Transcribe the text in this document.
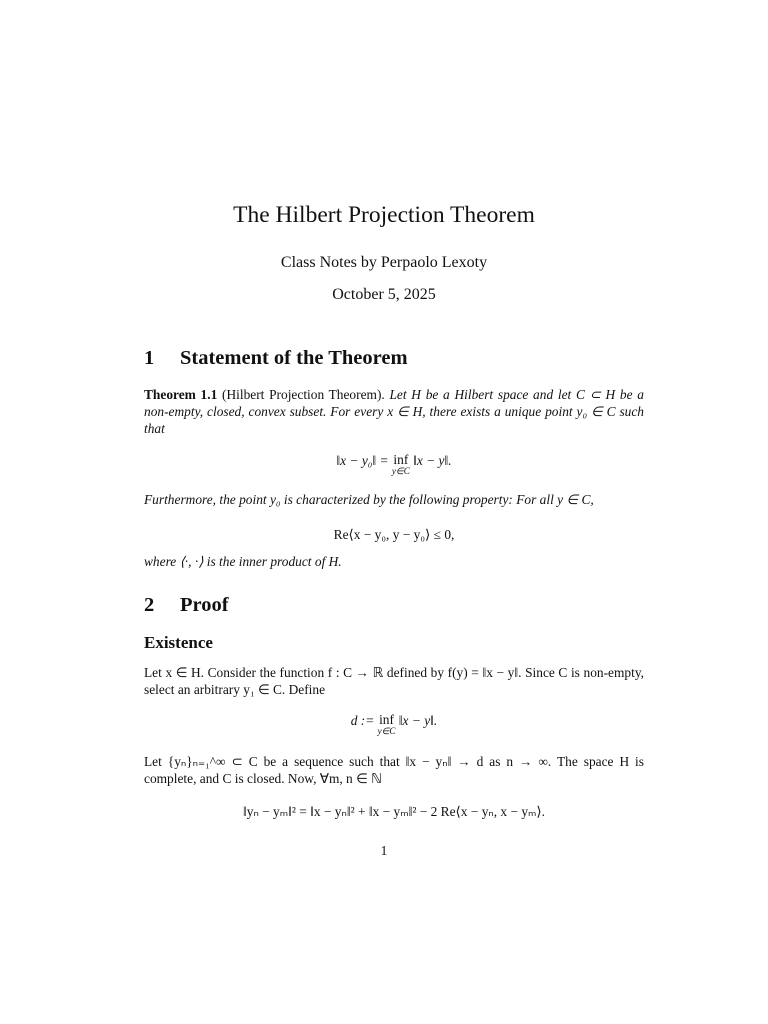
The Hilbert Projection Theorem
Class Notes by Perpaolo Lexoty
October 5, 2025
1 Statement of the Theorem
Theorem 1.1 (Hilbert Projection Theorem). Let H be a Hilbert space and let C ⊂ H be a non-empty, closed, convex subset. For every x ∈ H, there exists a unique point y₀ ∈ C such that
‖x − y₀‖ = inf
y∈C
‖x − y‖.
Furthermore, the point y₀ is characterized by the following property: For all y ∈ C,
Re⟨x − y₀, y − y₀⟩ ≤ 0,
where ⟨·, ·⟩ is the inner product of H.
2 Proof
Existence
Let x ∈ H. Consider the function f : C → ℝ defined by f(y) = ‖x − y‖. Since C is non-empty, select an arbitrary y₁ ∈ C. Define
d := inf
y∈C
‖x − y‖.
Let {yₙ}ₙ₌₁^∞ ⊂ C be a sequence such that ‖x − yₙ‖ → d as n → ∞. The space H is complete, and C is closed. Now, ∀m, n ∈ ℕ
‖yₙ − yₘ‖² = ‖x − yₙ‖² + ‖x − yₘ‖² − 2 Re⟨x − yₙ, x − yₘ⟩.
1
